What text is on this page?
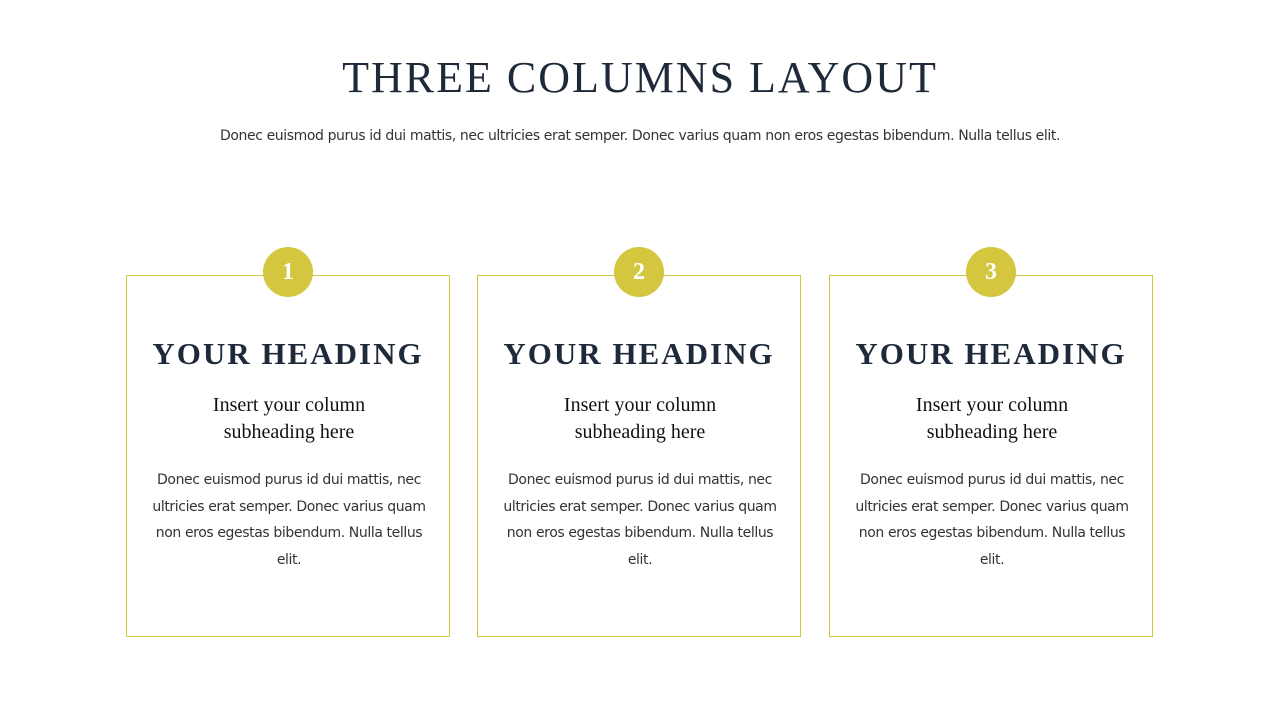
THREE COLUMNS LAYOUT
Donec euismod purus id dui mattis, nec ultricies erat semper. Donec varius quam non eros egestas bibendum. Nulla tellus elit.
1
YOUR HEADING
Insert your column subheading here
Donec euismod purus id dui mattis, nec ultricies erat semper. Donec varius quam non eros egestas bibendum. Nulla tellus elit.
2
YOUR HEADING
Insert your column subheading here
Donec euismod purus id dui mattis, nec ultricies erat semper. Donec varius quam non eros egestas bibendum. Nulla tellus elit.
3
YOUR HEADING
Insert your column subheading here
Donec euismod purus id dui mattis, nec ultricies erat semper. Donec varius quam non eros egestas bibendum. Nulla tellus elit.
